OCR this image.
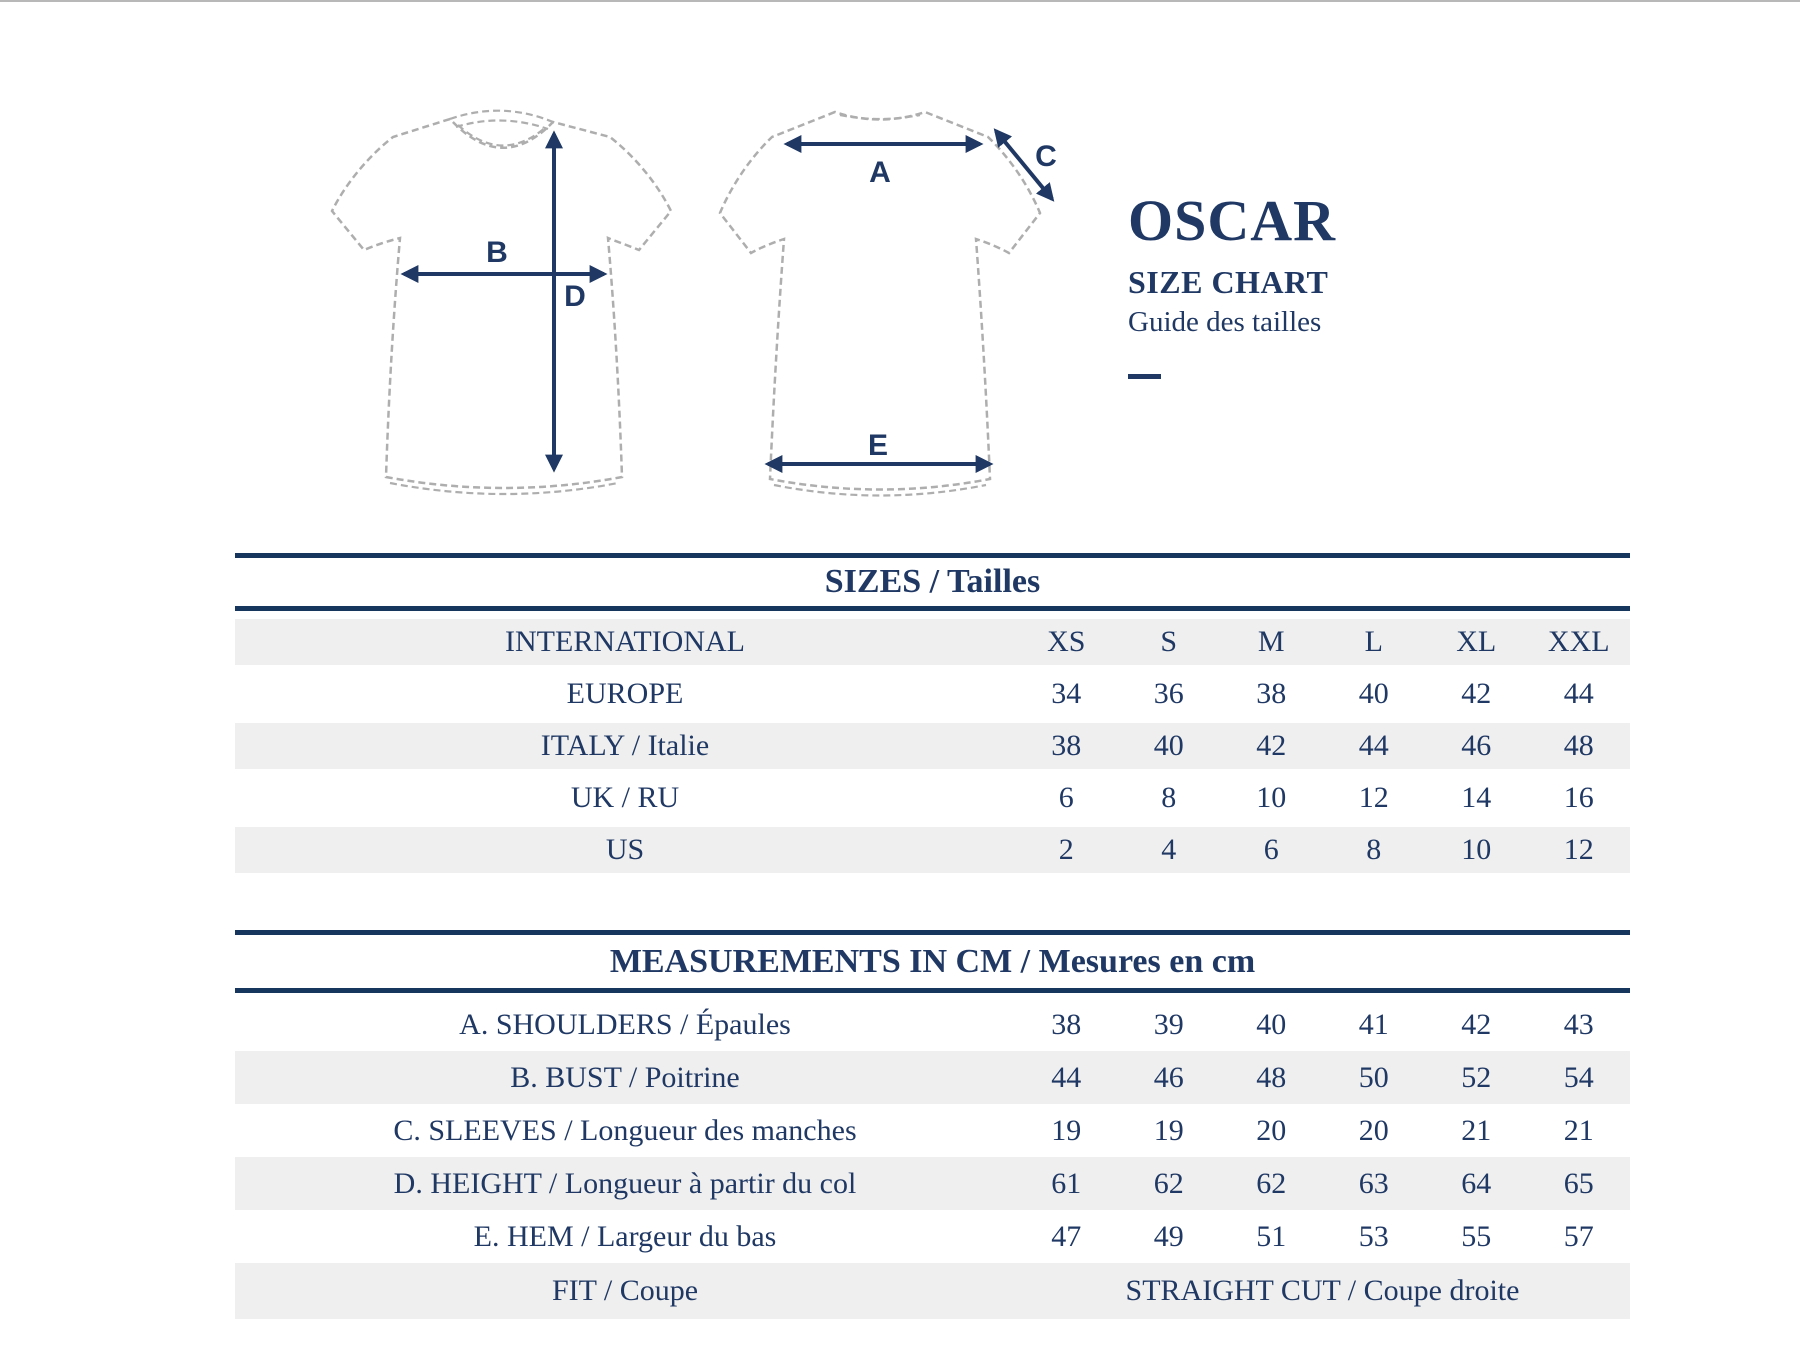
B
D
A	C
E
OSCAR
SIZE CHART
Guide des tailles
SIZES / Tailles
INTERNATIONAL	XS	S	M	L	XL	XXL
EUROPE	34	36	38	40	42	44
ITALY / Italie	38	40	42	44	46	48
UK / RU	6	8	10	12	14	16
US	2	4	6	8	10	12
MEASUREMENTS IN CM / Mesures en cm
A. SHOULDERS / Épaules	38	39	40	41	42	43
B. BUST / Poitrine	44	46	48	50	52	54
C. SLEEVES / Longueur des manches	19	19	20	20	21	21
D. HEIGHT / Longueur à partir du col	61	62	62	63	64	65
E. HEM / Largeur du bas	47	49	51	53	55	57
FIT / Coupe	STRAIGHT CUT / Coupe droite					
